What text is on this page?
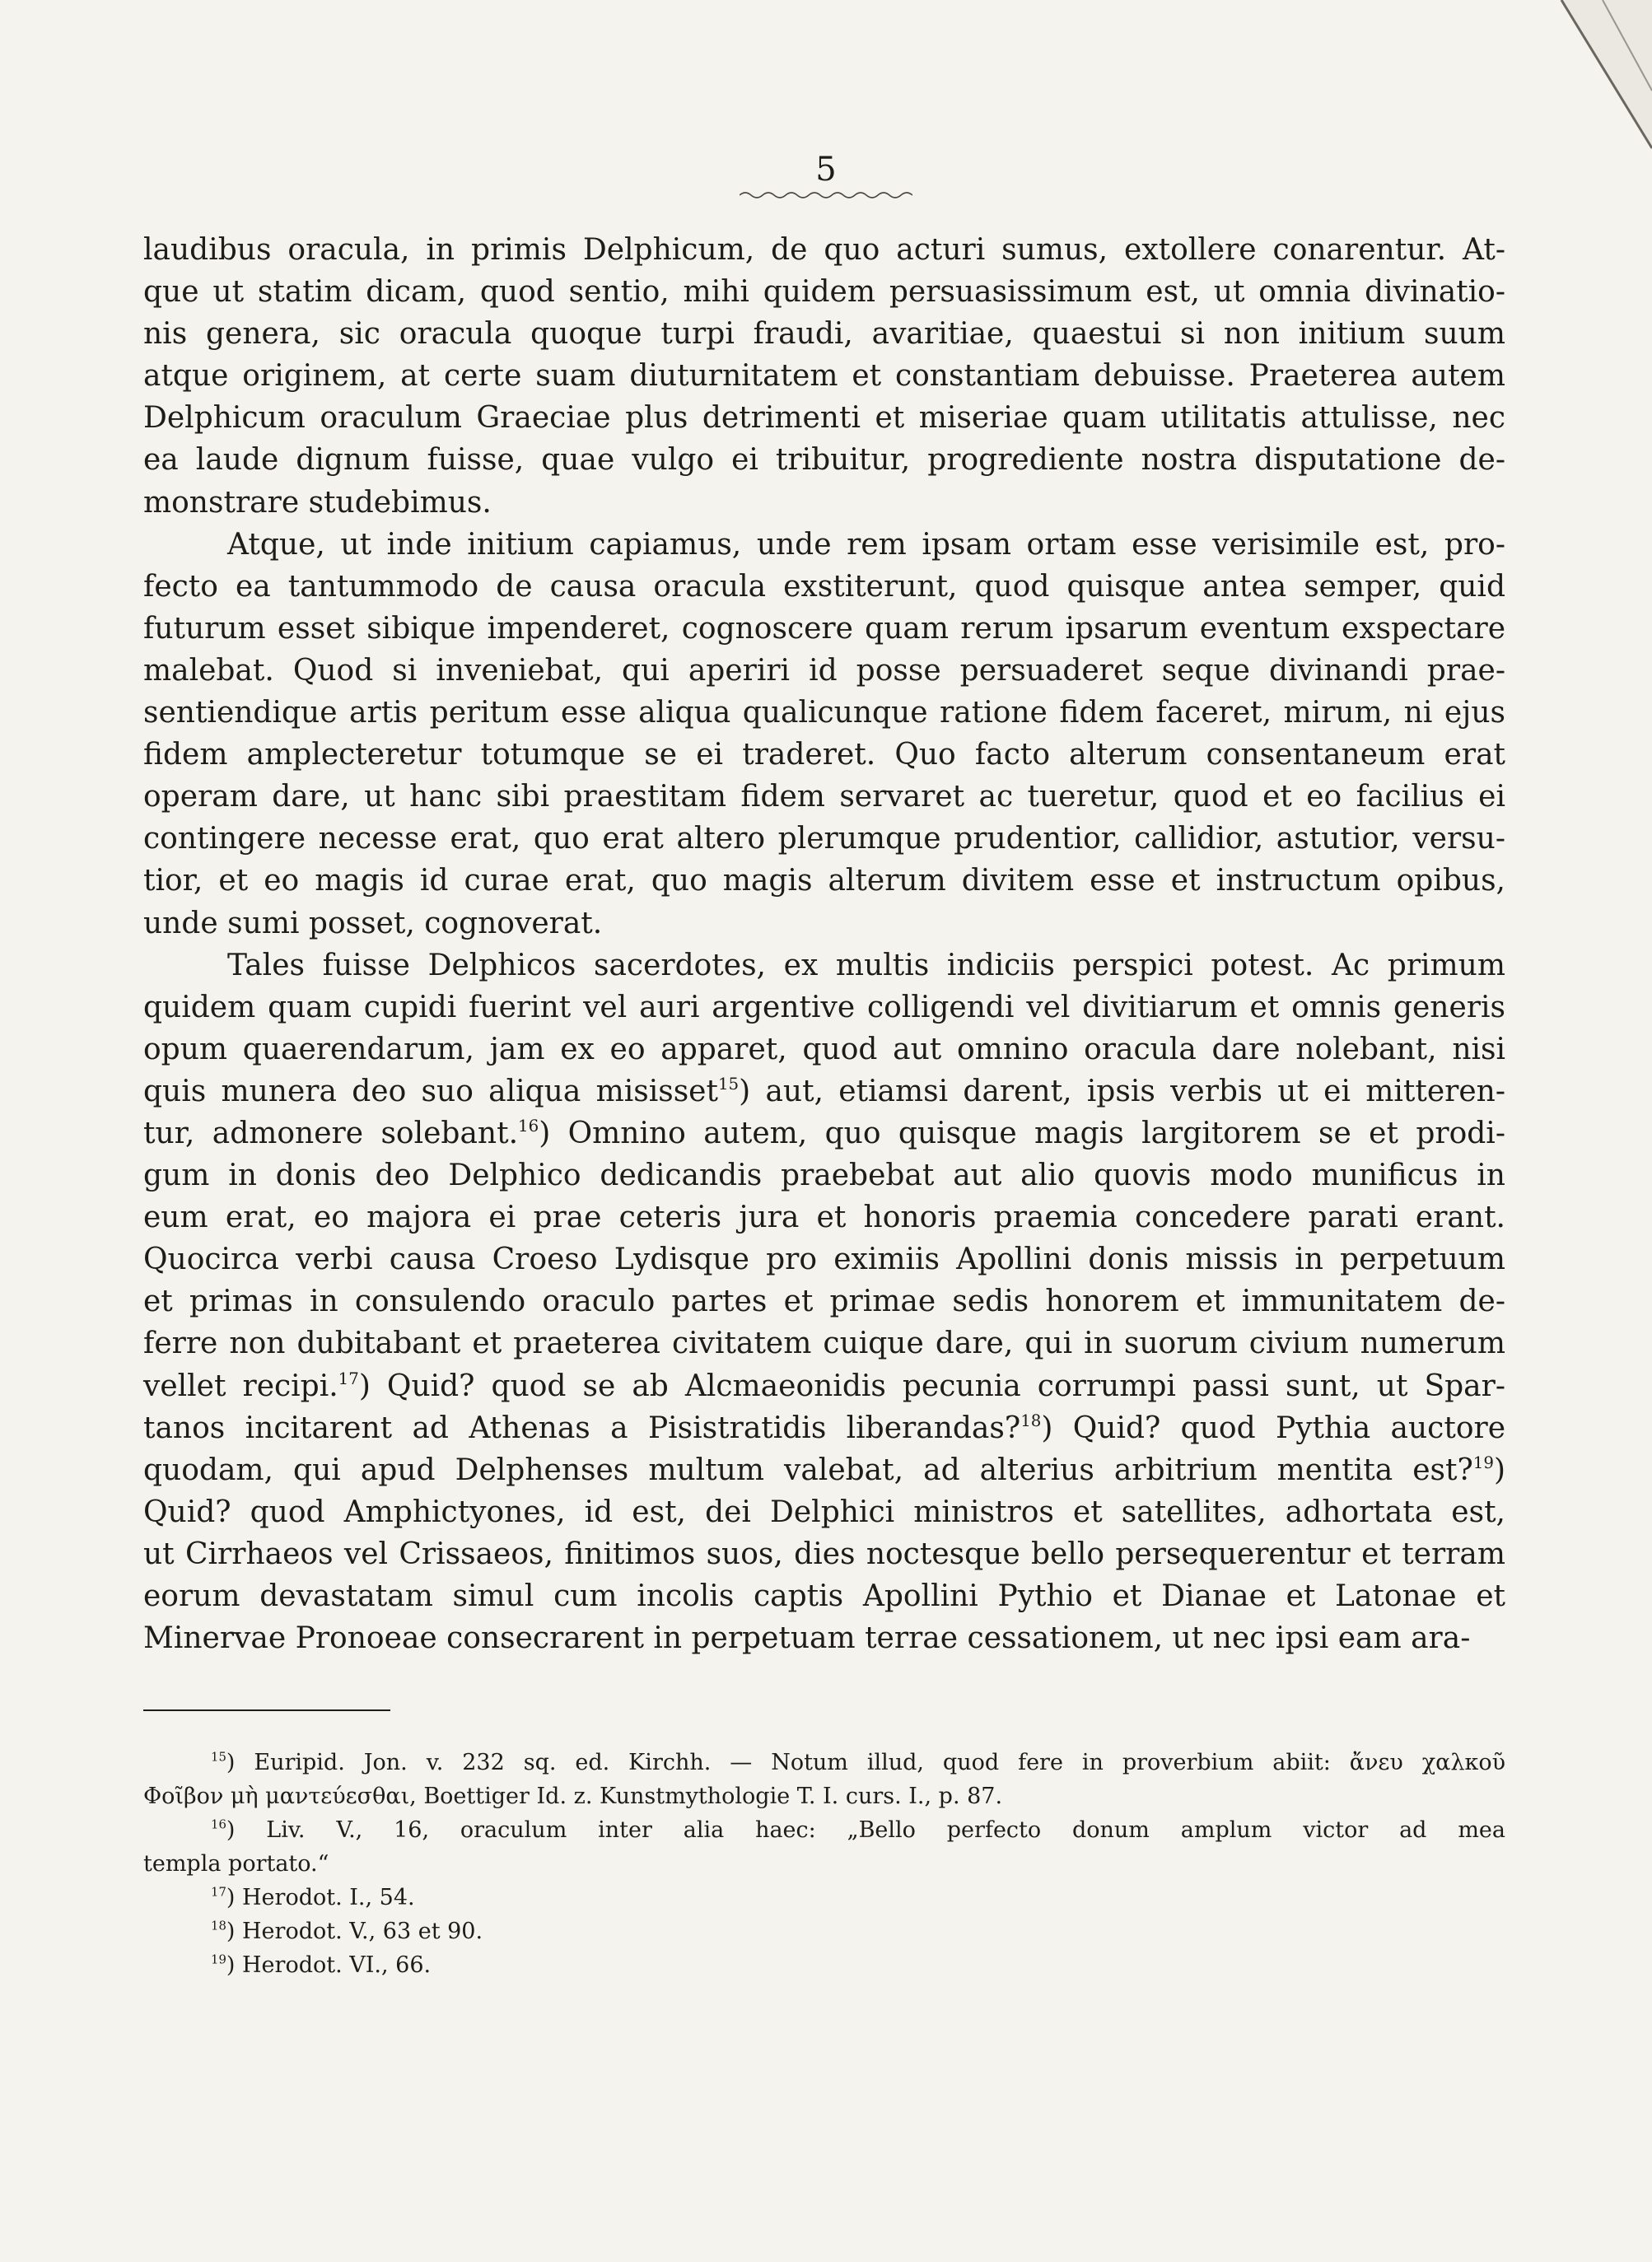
5
laudibus oracula, in primis Delphicum, de quo acturi sumus, extollere conarentur. At-
que ut statim dicam, quod sentio, mihi quidem persuasissimum est, ut omnia divinatio-
nis genera, sic oracula quoque turpi fraudi, avaritiae, quaestui si non initium suum
atque originem, at certe suam diuturnitatem et constantiam debuisse. Praeterea autem
Delphicum oraculum Graeciae plus detrimenti et miseriae quam utilitatis attulisse, nec
ea laude dignum fuisse, quae vulgo ei tribuitur, progrediente nostra disputatione de-
monstrare studebimus.
Atque, ut inde initium capiamus, unde rem ipsam ortam esse verisimile est, pro-
fecto ea tantummodo de causa oracula exstiterunt, quod quisque antea semper, quid
futurum esset sibique impenderet, cognoscere quam rerum ipsarum eventum exspectare
malebat. Quod si inveniebat, qui aperiri id posse persuaderet seque divinandi prae-
sentiendique artis peritum esse aliqua qualicunque ratione fidem faceret, mirum, ni ejus
fidem amplecteretur totumque se ei traderet. Quo facto alterum consentaneum erat
operam dare, ut hanc sibi praestitam fidem servaret ac tueretur, quod et eo facilius ei
contingere necesse erat, quo erat altero plerumque prudentior, callidior, astutior, versu-
tior, et eo magis id curae erat, quo magis alterum divitem esse et instructum opibus,
unde sumi posset, cognoverat.
Tales fuisse Delphicos sacerdotes, ex multis indiciis perspici potest. Ac primum
quidem quam cupidi fuerint vel auri argentive colligendi vel divitiarum et omnis generis
opum quaerendarum, jam ex eo apparet, quod aut omnino oracula dare nolebant, nisi
quis munera deo suo aliqua misisset$^{15}$) aut, etiamsi darent, ipsis verbis ut ei mitteren-
tur, admonere solebant.$^{16}$) Omnino autem, quo quisque magis largitorem se et prodi-
gum in donis deo Delphico dedicandis praebebat aut alio quovis modo munificus in
eum erat, eo majora ei prae ceteris jura et honoris praemia concedere parati erant.
Quocirca verbi causa Croeso Lydisque pro eximiis Apollini donis missis in perpetuum
et primas in consulendo oraculo partes et primae sedis honorem et immunitatem de-
ferre non dubitabant et praeterea civitatem cuique dare, qui in suorum civium numerum
vellet recipi.$^{17}$) Quid? quod se ab Alcmaeonidis pecunia corrumpi passi sunt, ut Spar-
tanos incitarent ad Athenas a Pisistratidis liberandas?$^{18}$) Quid? quod Pythia auctore
quodam, qui apud Delphenses multum valebat, ad alterius arbitrium mentita est?$^{19}$)
Quid? quod Amphictyones, id est, dei Delphici ministros et satellites, adhortata est,
ut Cirrhaeos vel Crissaeos, finitimos suos, dies noctesque bello persequerentur et terram
eorum devastatam simul cum incolis captis Apollini Pythio et Dianae et Latonae et
Minervae Pronoeae consecrarent in perpetuam terrae cessationem, ut nec ipsi eam ara-
$^{15}$) Euripid. Jon. v. 232 sq. ed. Kirchh. — Notum illud, quod fere in proverbium abiit: ἄνευ χαλκοῦ
Φοῖβον μὴ μαντεύεσθαι, Boettiger Id. z. Kunstmythologie T. I. curs. I., p. 87.
$^{16}$) Liv. V., 16, oraculum inter alia haec: „Bello perfecto donum amplum victor ad mea
templa portato.“
$^{17}$) Herodot. I., 54.
$^{18}$) Herodot. V., 63 et 90.
$^{19}$) Herodot. VI., 66.
